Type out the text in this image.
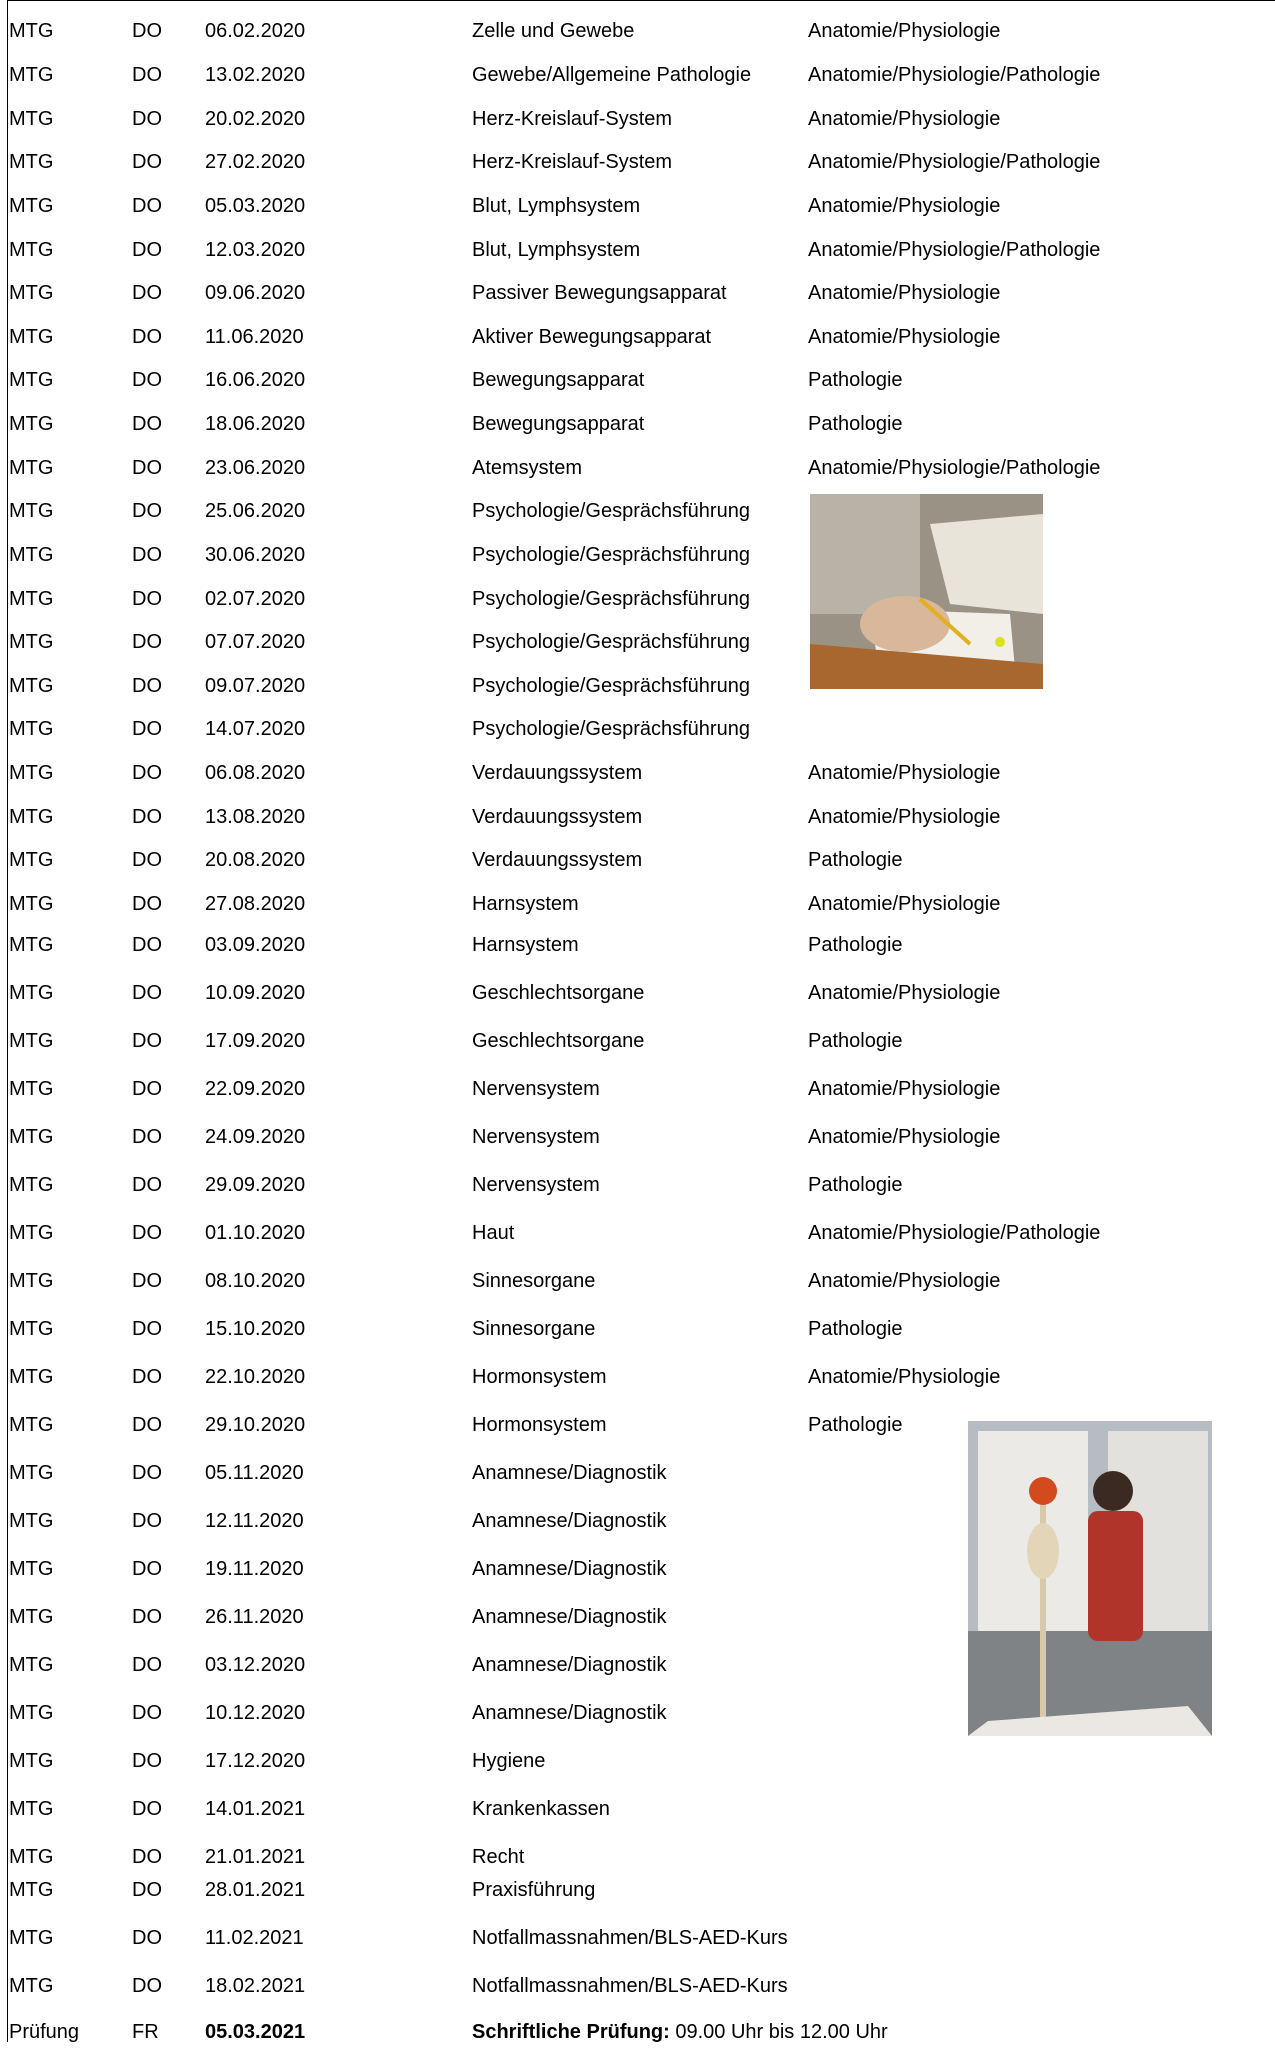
MTG	DO 06.02.2020	Zelle und Gewebe	Anatomie/Physiologie
MTG	DO 13.02.2020	Gewebe/Allgemeine Pathologie	Anatomie/Physiologie/Pathologie
MTG	DO 20.02.2020	Herz-Kreislauf-System	Anatomie/Physiologie
MTG	DO 27.02.2020	Herz-Kreislauf-System	Anatomie/Physiologie/Pathologie
MTG	DO 05.03.2020	Blut, Lymphsystem	Anatomie/Physiologie
MTG	DO 12.03.2020	Blut, Lymphsystem	Anatomie/Physiologie/Pathologie
MTG	DO 09.06.2020	Passiver Bewegungsapparat	Anatomie/Physiologie
MTG	DO 11.06.2020	Aktiver Bewegungsapparat	Anatomie/Physiologie
MTG	DO 16.06.2020	Bewegungsapparat	Pathologie
MTG	DO 18.06.2020	Bewegungsapparat	Pathologie
MTG	DO 23.06.2020	Atemsystem	Anatomie/Physiologie/Pathologie
MTG	DO 25.06.2020	Psychologie/Gesprächsführung
MTG	DO 30.06.2020	Psychologie/Gesprächsführung
MTG	DO 02.07.2020	Psychologie/Gesprächsführung
MTG	DO 07.07.2020	Psychologie/Gesprächsführung
MTG	DO 09.07.2020	Psychologie/Gesprächsführung
MTG	DO 14.07.2020	Psychologie/Gesprächsführung
MTG	DO 06.08.2020	Verdauungssystem	Anatomie/Physiologie
MTG	DO 13.08.2020	Verdauungssystem	Anatomie/Physiologie
MTG	DO 20.08.2020	Verdauungssystem	Pathologie
MTG	DO 27.08.2020	Harnsystem	Anatomie/Physiologie
MTG	DO 03.09.2020	Harnsystem	Pathologie
MTG	DO 10.09.2020	Geschlechtsorgane	Anatomie/Physiologie
MTG	DO 17.09.2020	Geschlechtsorgane	Pathologie
MTG	DO 22.09.2020	Nervensystem	Anatomie/Physiologie
MTG	DO 24.09.2020	Nervensystem	Anatomie/Physiologie
MTG	DO 29.09.2020	Nervensystem	Pathologie
MTG	DO 01.10.2020	Haut	Anatomie/Physiologie/Pathologie
MTG	DO 08.10.2020	Sinnesorgane	Anatomie/Physiologie
MTG	DO 15.10.2020	Sinnesorgane	Pathologie
MTG	DO 22.10.2020	Hormonsystem	Anatomie/Physiologie
MTG	DO 29.10.2020	Hormonsystem	Pathologie
MTG	DO 05.11.2020	Anamnese/Diagnostik
MTG	DO 12.11.2020	Anamnese/Diagnostik
MTG	DO 19.11.2020	Anamnese/Diagnostik
MTG	DO 26.11.2020	Anamnese/Diagnostik
MTG	DO 03.12.2020	Anamnese/Diagnostik
MTG	DO 10.12.2020	Anamnese/Diagnostik
MTG	DO 17.12.2020	Hygiene
MTG	DO 14.01.2021	Krankenkassen
MTG	DO 21.01.2021	Recht
MTG	DO 28.01.2021	Praxisführung
MTG	DO 11.02.2021	Notfallmassnahmen/BLS-AED-Kurs
MTG	DO 18.02.2021	Notfallmassnahmen/BLS-AED-Kurs
Prüfung	FR 05.03.2021	Schriftliche Prüfung: 09.00 Uhr bis 12.00 Uhr
